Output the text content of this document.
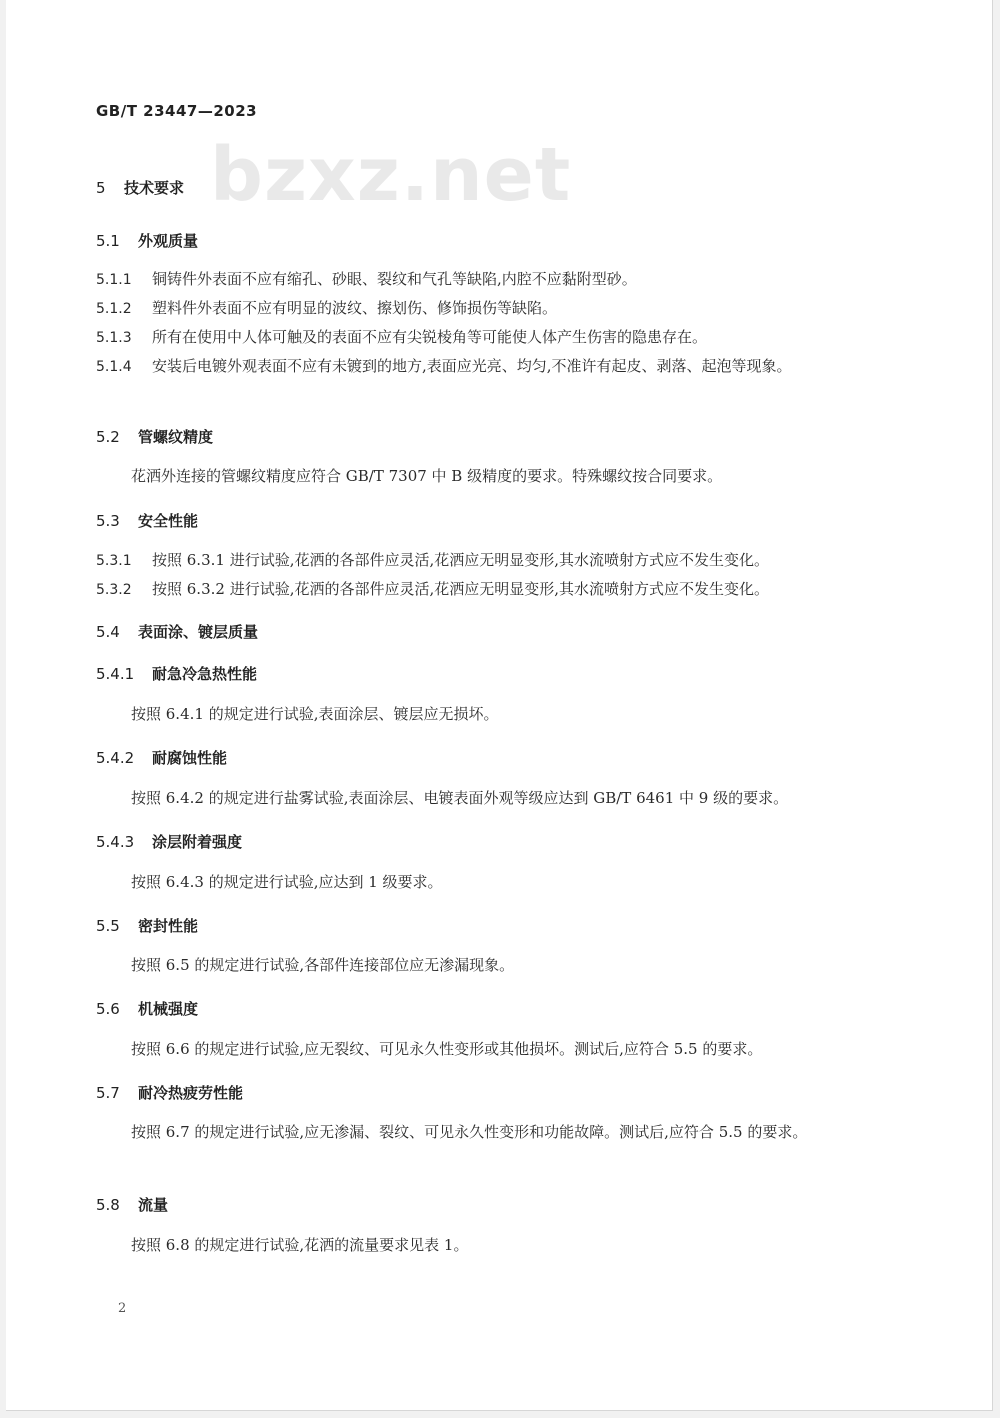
GB/T 23447—2023
bzxz.net
5 技术要求
5.1 外观质量
5.1.1 铜铸件外表面不应有缩孔、砂眼、裂纹和气孔等缺陷,内腔不应黏附型砂。
5.1.2 塑料件外表面不应有明显的波纹、擦划伤、修饰损伤等缺陷。
5.1.3 所有在使用中人体可触及的表面不应有尖锐棱角等可能使人体产生伤害的隐患存在。
5.1.4 安装后电镀外观表面不应有未镀到的地方,表面应光亮、均匀,不准许有起皮、剥落、起泡等现象。
5.2 管螺纹精度
花洒外连接的管螺纹精度应符合 GB/T 7307 中 B 级精度的要求。特殊螺纹按合同要求。
5.3 安全性能
5.3.1 按照 6.3.1 进行试验,花洒的各部件应灵活,花洒应无明显变形,其水流喷射方式应不发生变化。
5.3.2 按照 6.3.2 进行试验,花洒的各部件应灵活,花洒应无明显变形,其水流喷射方式应不发生变化。
5.4 表面涂、镀层质量
5.4.1 耐急冷急热性能
按照 6.4.1 的规定进行试验,表面涂层、镀层应无损坏。
5.4.2 耐腐蚀性能
按照 6.4.2 的规定进行盐雾试验,表面涂层、电镀表面外观等级应达到 GB/T 6461 中 9 级的要求。
5.4.3 涂层附着强度
按照 6.4.3 的规定进行试验,应达到 1 级要求。
5.5 密封性能
按照 6.5 的规定进行试验,各部件连接部位应无渗漏现象。
5.6 机械强度
按照 6.6 的规定进行试验,应无裂纹、可见永久性变形或其他损坏。测试后,应符合 5.5 的要求。
5.7 耐冷热疲劳性能
按照 6.7 的规定进行试验,应无渗漏、裂纹、可见永久性变形和功能故障。测试后,应符合 5.5 的要求。
5.8 流量
按照 6.8 的规定进行试验,花洒的流量要求见表 1。
2
